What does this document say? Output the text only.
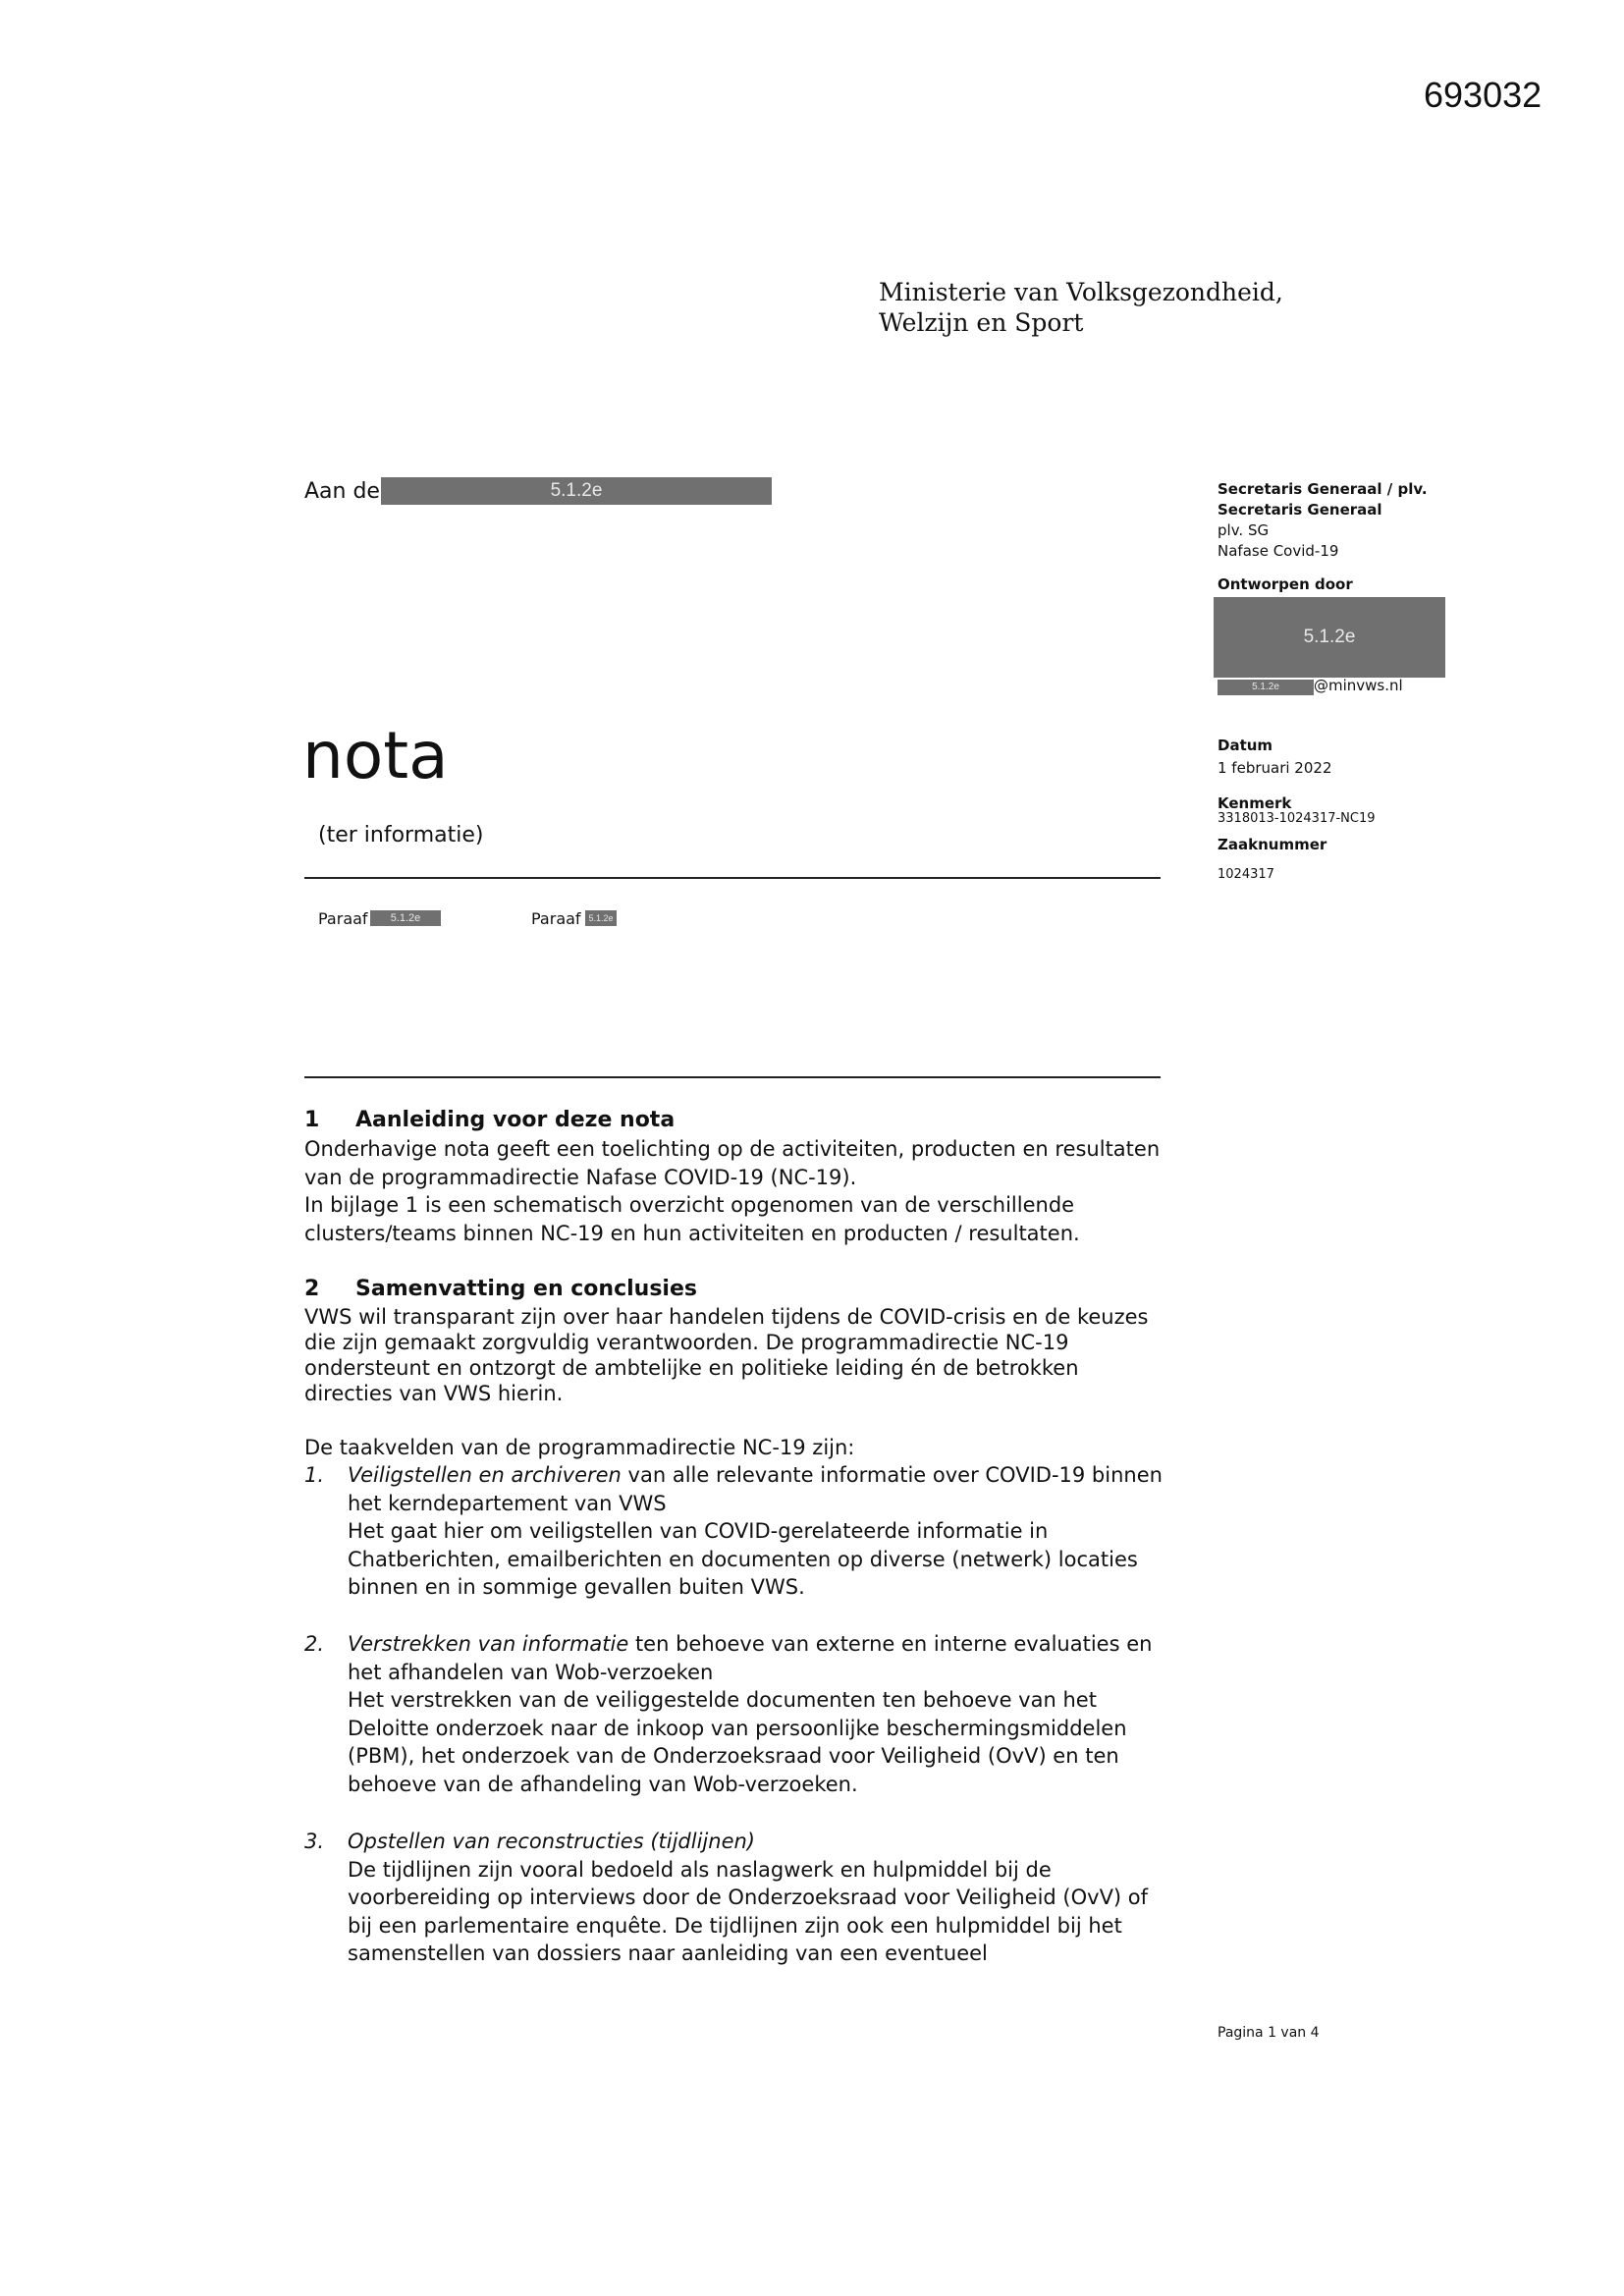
693032
Ministerie van Volksgezondheid,
Welzijn en Sport
Aan de	5.1.2e
nota
(ter informatie)
Paraaf	5.1.2e	Paraaf 5.1.2e
Secretaris Generaal / plv.
Secretaris Generaal
plv. SG
Nafase Covid-19
Ontworpen door
5.1.2e
5.1.2e	@minvws.nl
Datum
1 februari 2022
Kenmerk
3318013-1024317-NC19
Zaaknummer
1024317
1 Aanleiding voor deze nota
Onderhavige nota geeft een toelichting op de activiteiten, producten en resultaten
van de programmadirectie Nafase COVID-19 (NC-19).
In bijlage 1 is een schematisch overzicht opgenomen van de verschillende
clusters/teams binnen NC-19 en hun activiteiten en producten / resultaten.
2 Samenvatting en conclusies
VWS wil transparant zijn over haar handelen tijdens de COVID-crisis en de keuzes
die zijn gemaakt zorgvuldig verantwoorden. De programmadirectie NC-19
ondersteunt en ontzorgt de ambtelijke en politieke leiding én de betrokken
directies van VWS hierin.
De taakvelden van de programmadirectie NC-19 zijn:
1. Veiligstellen en archiveren van alle relevante informatie over COVID-19 binnen
het kerndepartement van VWS
Het gaat hier om veiligstellen van COVID-gerelateerde informatie in
Chatberichten, emailberichten en documenten op diverse (netwerk) locaties
binnen en in sommige gevallen buiten VWS.
2. Verstrekken van informatie ten behoeve van externe en interne evaluaties en
het afhandelen van Wob-verzoeken
Het verstrekken van de veiliggestelde documenten ten behoeve van het
Deloitte onderzoek naar de inkoop van persoonlijke beschermingsmiddelen
(PBM), het onderzoek van de Onderzoeksraad voor Veiligheid (OvV) en ten
behoeve van de afhandeling van Wob-verzoeken.
3. Opstellen van reconstructies (tijdlijnen)
De tijdlijnen zijn vooral bedoeld als naslagwerk en hulpmiddel bij de
voorbereiding op interviews door de Onderzoeksraad voor Veiligheid (OvV) of
bij een parlementaire enquête. De tijdlijnen zijn ook een hulpmiddel bij het
samenstellen van dossiers naar aanleiding van een eventueel
Pagina 1 van 4
